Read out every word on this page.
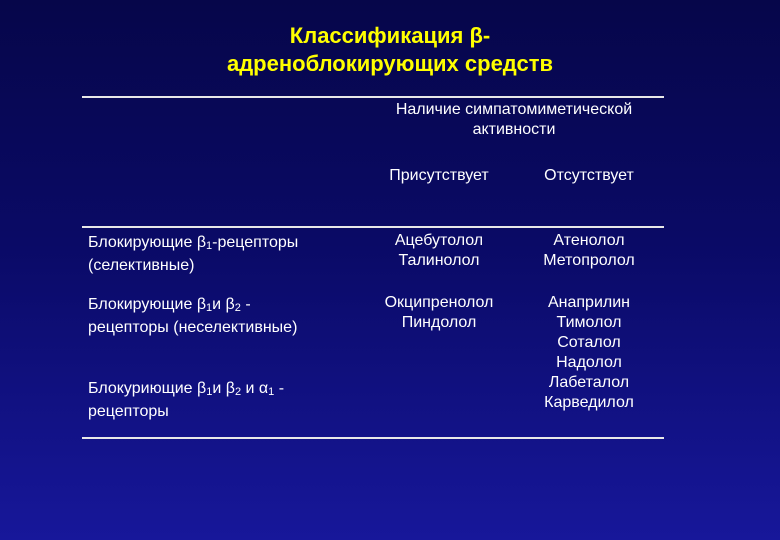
Классификация β-
адреноблокирующих средств
Наличие симпатомиметической
активности
Присутствует	Отсутствует
Блокирующие $\beta_1$-рецепторы
(селективные)
Ацебутолол
Талинолол
Атенолол
Метопролол
Блокирующие $\beta_1и$ $\beta_2$ -
рецепторы (неселективные)
Окципренолол
Пиндолол
Анаприлин
Тимолол
Соталол
Надолол
Лабеталол
Карведилол
Блокуриющие $\beta_1и$ $\beta_2$ и $\alpha_1$ -
рецепторы
